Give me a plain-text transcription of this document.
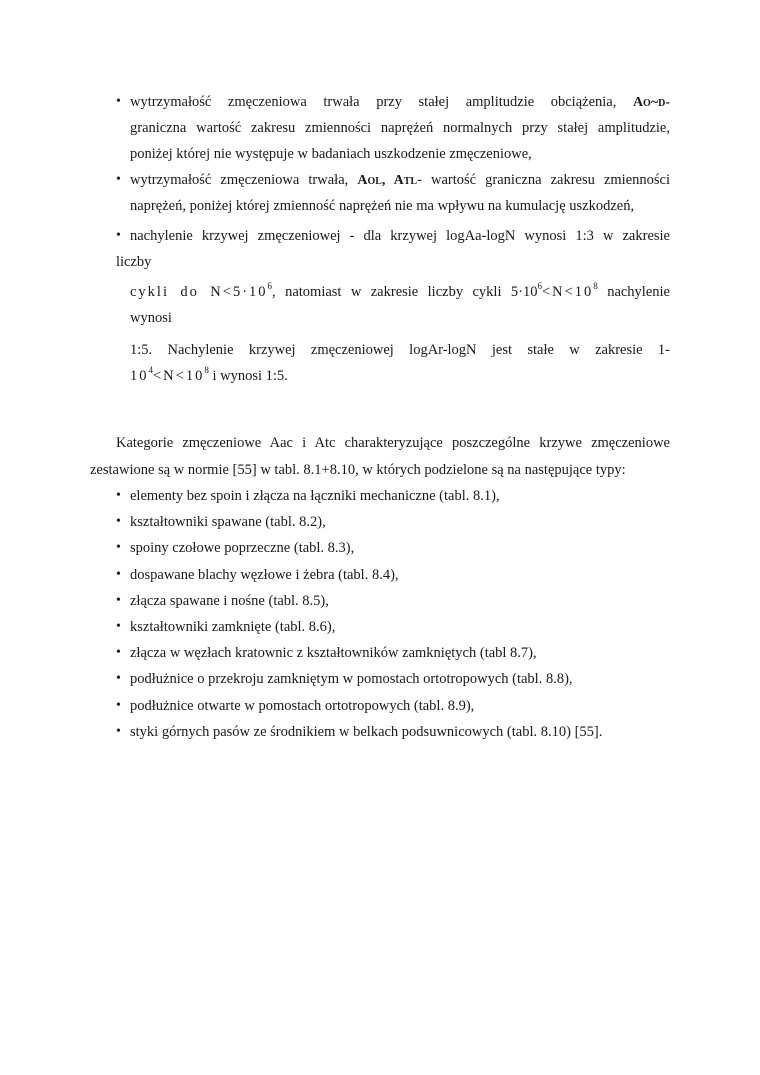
• wytrzymałość zmęczeniowa trwała przy stałej amplitudzie obciążenia, Ao~d-
graniczna wartość zakresu zmienności naprężeń normalnych przy stałej amplitudzie,
poniżej której nie występuje w badaniach uszkodzenie zmęczeniowe,
• wytrzymałość zmęczeniowa trwała, Aol, Atl- wartość graniczna zakresu zmienności
naprężeń, poniżej której zmienność naprężeń nie ma wpływu na kumulację uszkodzeń,
• nachylenie krzywej zmęczeniowej - dla krzywej logAa-logN wynosi 1:3 w zakresie
liczby
cykli do $N<5\cdot 10^6$, natomiast w zakresie liczby cykli $5\cdot 10^6<N<10^8$ nachylenie
wynosi
1:5. Nachylenie krzywej zmęczeniowej logAr-logN jest stałe w zakresie 1-
$10^4<N<10^8$ i wynosi 1:5.
Kategorie zmęczeniowe Aac i Atc charakteryzujące poszczególne krzywe zmęczeniowe
zestawione są w normie [55] w tabl. 8.1+8.10, w których podzielone są na następujące typy:
• elementy bez spoin i złącza na łączniki mechaniczne (tabl. 8.1),
• kształtowniki spawane (tabl. 8.2),
• spoiny czołowe poprzeczne (tabl. 8.3),
• dospawane blachy węzłowe i żebra (tabl. 8.4),
• złącza spawane i nośne (tabl. 8.5),
• kształtowniki zamknięte (tabl. 8.6),
• złącza w węzłach kratownic z kształtowników zamkniętych (tabl 8.7),
• podłużnice o przekroju zamkniętym w pomostach ortotropowych (tabl. 8.8),
• podłużnice otwarte w pomostach ortotropowych (tabl. 8.9),
• styki górnych pasów ze środnikiem w belkach podsuwnicowych (tabl. 8.10) [55].
